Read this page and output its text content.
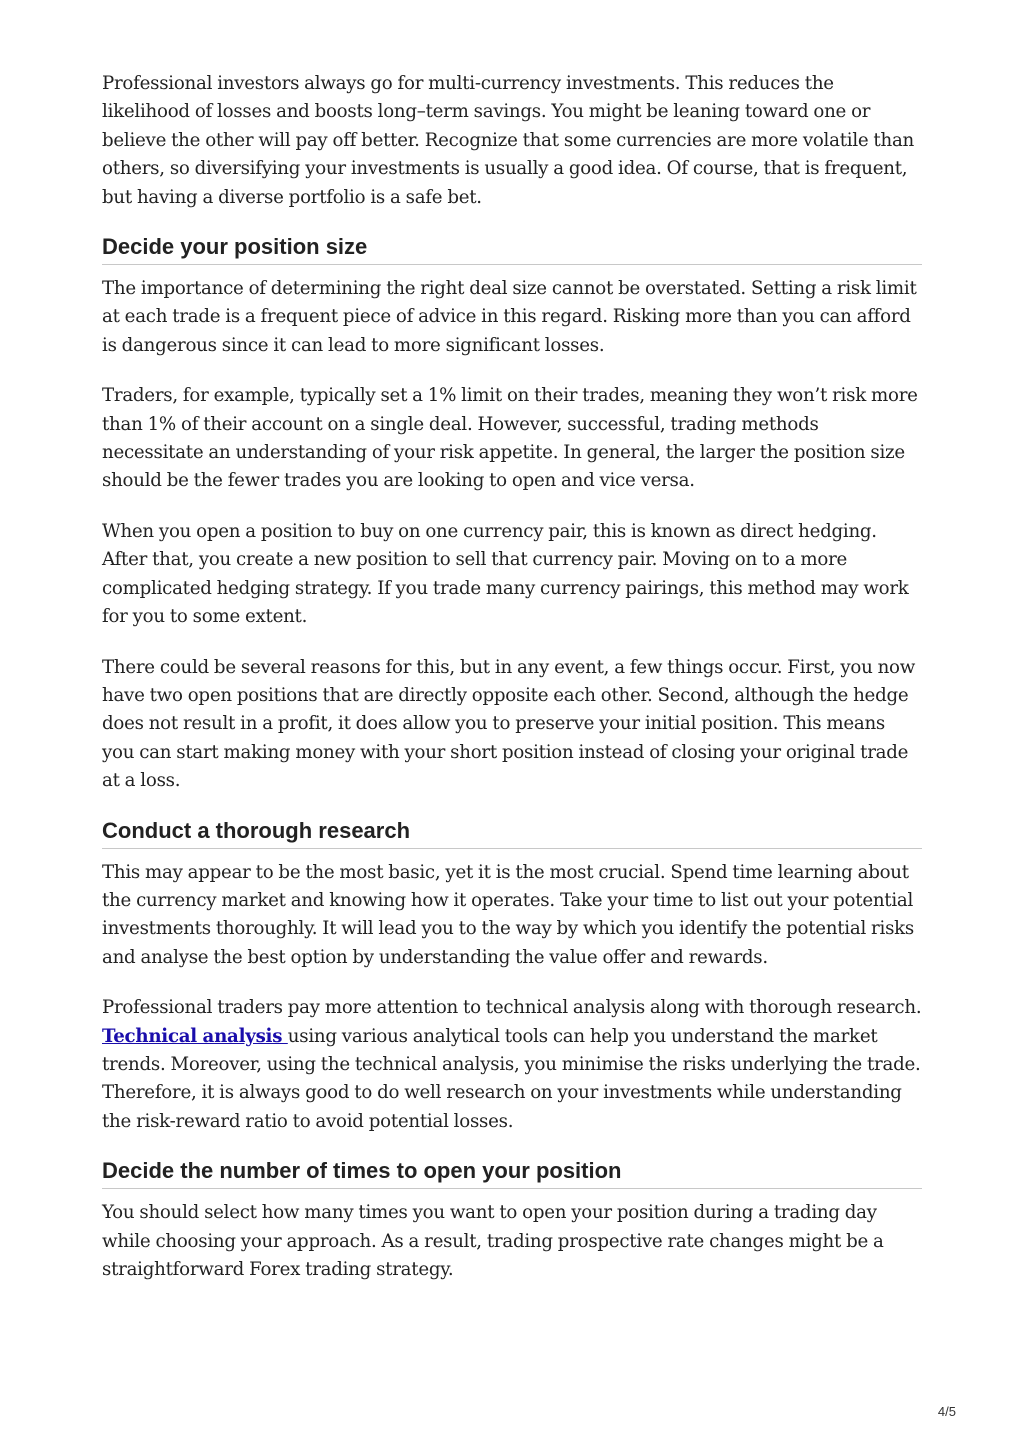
Professional investors always go for multi-currency investments. This reduces the likelihood of losses and boosts long–term savings. You might be leaning toward one or believe the other will pay off better. Recognize that some currencies are more volatile than others, so diversifying your investments is usually a good idea. Of course, that is frequent, but having a diverse portfolio is a safe bet.

Decide your position size

The importance of determining the right deal size cannot be overstated. Setting a risk limit at each trade is a frequent piece of advice in this regard. Risking more than you can afford is dangerous since it can lead to more significant losses.

Traders, for example, typically set a 1% limit on their trades, meaning they won’t risk more than 1% of their account on a single deal. However, successful, trading methods necessitate an understanding of your risk appetite. In general, the larger the position size should be the fewer trades you are looking to open and vice versa.

When you open a position to buy on one currency pair, this is known as direct hedging. After that, you create a new position to sell that currency pair. Moving on to a more complicated hedging strategy. If you trade many currency pairings, this method may work for you to some extent.

There could be several reasons for this, but in any event, a few things occur. First, you now have two open positions that are directly opposite each other. Second, although the hedge does not result in a profit, it does allow you to preserve your initial position. This means you can start making money with your short position instead of closing your original trade at a loss.

Conduct a thorough research

This may appear to be the most basic, yet it is the most crucial. Spend time learning about the currency market and knowing how it operates. Take your time to list out your potential investments thoroughly. It will lead you to the way by which you identify the potential risks and analyse the best option by understanding the value offer and rewards.

Professional traders pay more attention to technical analysis along with thorough research. Technical analysis using various analytical tools can help you understand the market trends. Moreover, using the technical analysis, you minimise the risks underlying the trade. Therefore, it is always good to do well research on your investments while understanding the risk-reward ratio to avoid potential losses.

Decide the number of times to open your position

You should select how many times you want to open your position during a trading day while choosing your approach. As a result, trading prospective rate changes might be a straightforward Forex trading strategy.

4/5
